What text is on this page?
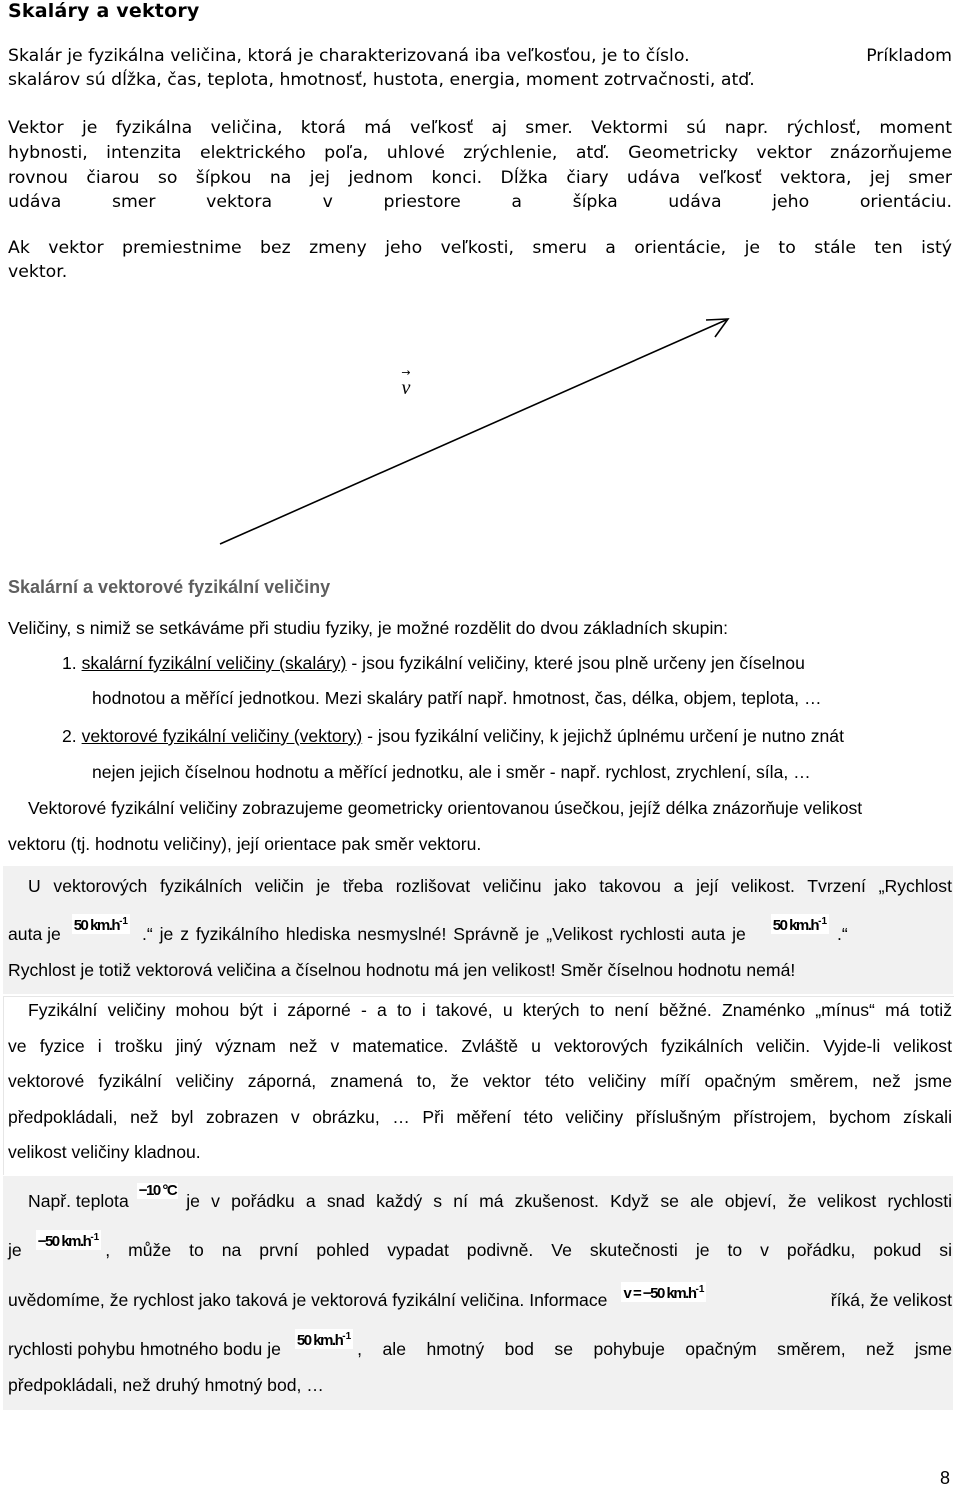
Skaláry a vektory
Skalár je fyzikálna veličina, ktorá je charakterizovaná iba veľkosťou, je to číslo.	Príkladom
skalárov sú dĺžka, čas, teplota, hmotnosť, hustota, energia, moment zotrvačnosti, atď.
Vektor je fyzikálna veličina, ktorá má veľkosť aj smer. Vektormi sú napr. rýchlosť, moment
hybnosti, intenzita elektrického poľa, uhlové zrýchlenie, atď. Geometricky vektor znázorňujeme
rovnou čiarou so šípkou na jej jednom konci. Dĺžka čiary udáva veľkosť vektora, jej smer
udáva smer vektora v priestore a šípka udáva jeho orientáciu.
Ak vektor premiestnime bez zmeny jeho veľkosti, smeru a orientácie, je to stále ten istý
vektor.
→
v
Skalární a vektorové fyzikální veličiny
Veličiny, s nimiž se setkáváme při studiu fyziky, je možné rozdělit do dvou základních skupin:
1. skalární fyzikální veličiny (skaláry) - jsou fyzikální veličiny, které jsou plně určeny jen číselnou
hodnotou a měřící jednotkou. Mezi skaláry patří např. hmotnost, čas, délka, objem, teplota, …
2. vektorové fyzikální veličiny (vektory) - jsou fyzikální veličiny, k jejichž úplnému určení je nutno znát
nejen jejich číselnou hodnotu a měřící jednotku, ale i směr - např. rychlost, zrychlení, síla, …
Vektorové fyzikální veličiny zobrazujeme geometricky orientovanou úsečkou, jejíž délka znázorňuje velikost
vektoru (tj. hodnotu veličiny), její orientace pak směr vektoru.
U vektorových fyzikálních veličin je třeba rozlišovat veličinu jako takovou a její velikost. Tvrzení „Rychlost
auta je 50 $km.h^{-1}.“$ je z fyzikálního hlediska nesmyslné! Správně je „Velikost rychlosti auta je 50 $km.h^{-1}.“$
Rychlost je totiž vektorová veličina a číselnou hodnotu má jen velikost! Směr číselnou hodnotu nemá!
Fyzikální veličiny mohou být i záporné - a to i takové, u kterých to není běžné. Znaménko „mínus“ má totiž
ve fyzice i trošku jiný význam než v matematice. Zvláště u vektorových fyzikálních veličin. Vyjde-li velikost
vektorové fyzikální veličiny záporná, znamená to, že vektor této veličiny míří opačným směrem, než jsme
předpokládali, než byl zobrazen v obrázku, … Při měření této veličiny příslušným přístrojem, bychom získali
velikost veličiny kladnou.
Např. teplota
−10 °C
je v pořádku a snad každý s ní má zkušenost. Když se ale objeví, že velikost rychlosti
je −50 $km.h^{-1}$
, může to na první pohled vypadat podivně. Ve skutečnosti je to v pořádku, pokud si
uvědomíme, že rychlost jako taková je vektorová fyzikální veličina. Informace v = −50 $km.h^{-1}$
říká, že velikost
rychlosti pohybu hmotného bodu je 50 $km.h^{-1}$
, ale hmotný bod se pohybuje opačným směrem, než jsme
předpokládali, než druhý hmotný bod, …
8
